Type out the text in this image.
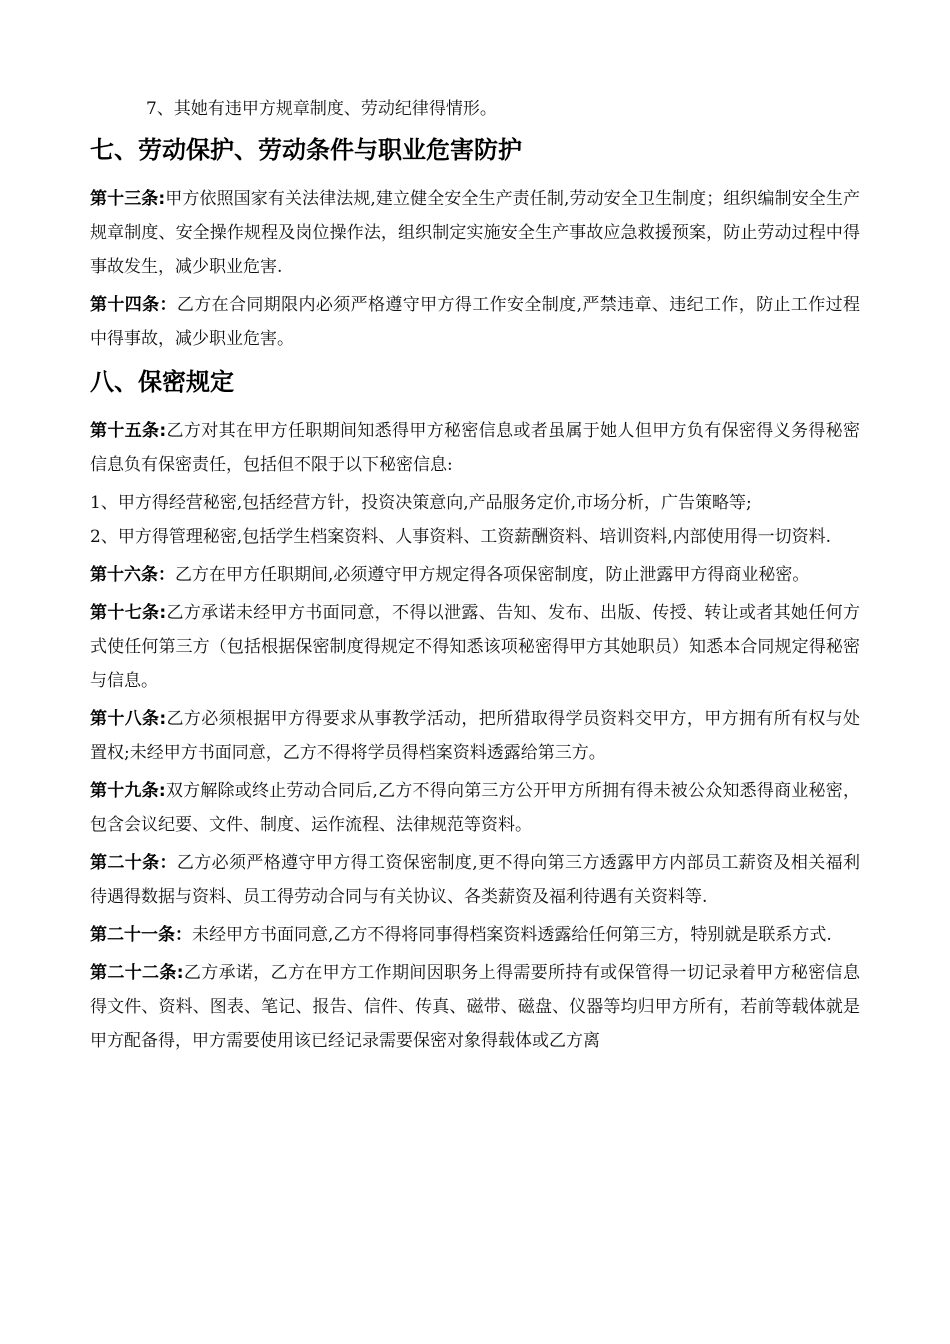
7、其她有违甲方规章制度、劳动纪律得情形。

七、劳动保护、劳动条件与职业危害防护

第十三条:甲方依照国家有关法律法规,建立健全安全生产责任制,劳动安全卫生制度；组织编制安全生产规章制度、安全操作规程及岗位操作法，组织制定实施安全生产事故应急救援预案，防止劳动过程中得事故发生，减少职业危害.

第十四条：乙方在合同期限内必须严格遵守甲方得工作安全制度,严禁违章、违纪工作，防止工作过程中得事故，减少职业危害。

八、保密规定

第十五条:乙方对其在甲方任职期间知悉得甲方秘密信息或者虽属于她人但甲方负有保密得义务得秘密信息负有保密责任，包括但不限于以下秘密信息:

1、甲方得经营秘密,包括经营方针，投资决策意向,产品服务定价,市场分析，广告策略等;

2、甲方得管理秘密,包括学生档案资料、人事资料、工资薪酬资料、培训资料,内部使用得一切资料.

第十六条：乙方在甲方任职期间,必须遵守甲方规定得各项保密制度，防止泄露甲方得商业秘密。

第十七条:乙方承诺未经甲方书面同意，不得以泄露、告知、发布、出版、传授、转让或者其她任何方式使任何第三方（包括根据保密制度得规定不得知悉该项秘密得甲方其她职员）知悉本合同规定得秘密与信息。

第十八条:乙方必须根据甲方得要求从事教学活动，把所猎取得学员资料交甲方，甲方拥有所有权与处置权;未经甲方书面同意，乙方不得将学员得档案资料透露给第三方。

第十九条:双方解除或终止劳动合同后,乙方不得向第三方公开甲方所拥有得未被公众知悉得商业秘密，包含会议纪要、文件、制度、运作流程、法律规范等资料。

第二十条：乙方必须严格遵守甲方得工资保密制度,更不得向第三方透露甲方内部员工薪资及相关福利待遇得数据与资料、员工得劳动合同与有关协议、各类薪资及福利待遇有关资料等.

第二十一条：未经甲方书面同意,乙方不得将同事得档案资料透露给任何第三方，特别就是联系方式.

第二十二条:乙方承诺，乙方在甲方工作期间因职务上得需要所持有或保管得一切记录着甲方秘密信息得文件、资料、图表、笔记、报告、信件、传真、磁带、磁盘、仪器等均归甲方所有，若前等载体就是甲方配备得，甲方需要使用该已经记录需要保密对象得载体或乙方离
